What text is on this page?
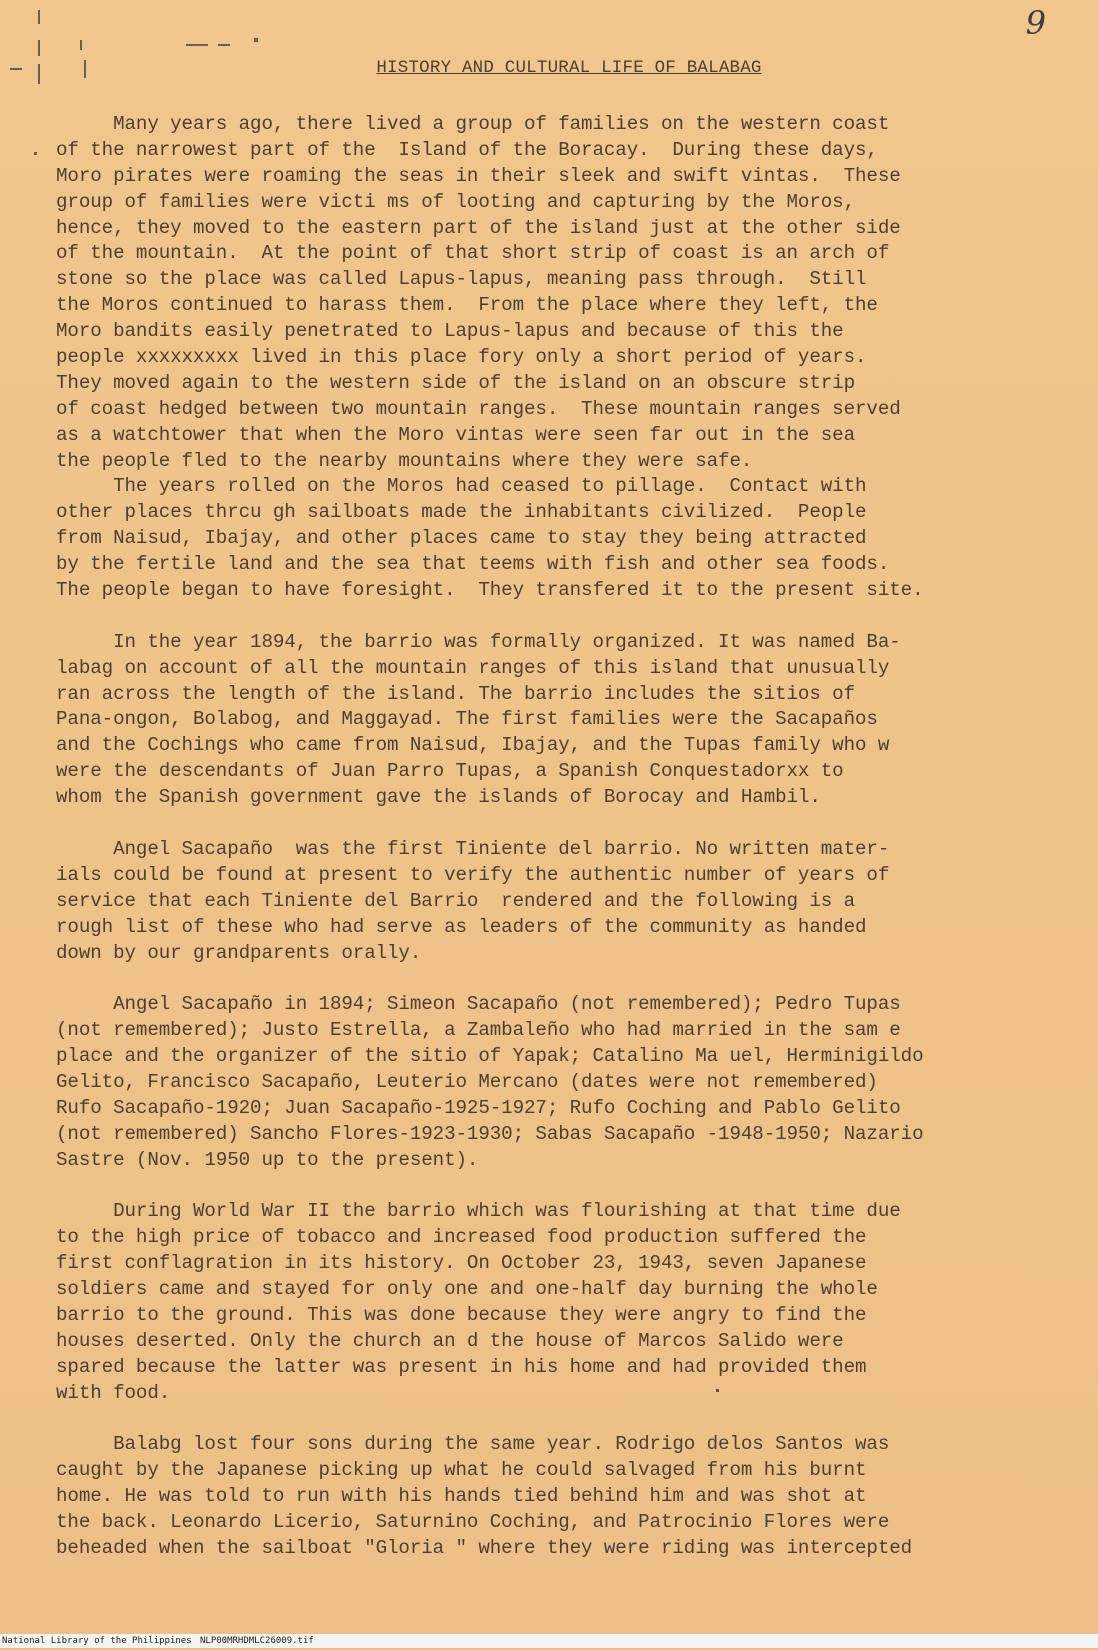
9
HISTORY AND CULTURAL LIFE OF BALABAG
Many years ago, there lived a group of families on the western coast
of the narrowest part of the  Island of the Boracay.  During these days,
Moro pirates were roaming the seas in their sleek and swift vintas.  These
group of families were victi ms of looting and capturing by the Moros,
hence, they moved to the eastern part of the island just at the other side
of the mountain.  At the point of that short strip of coast is an arch of
stone so the place was called Lapus-lapus, meaning pass through.  Still
the Moros continued to harass them.  From the place where they left, the
Moro bandits easily penetrated to Lapus-lapus and because of this the
people xxxxxxxxx lived in this place fory only a short period of years.
They moved again to the western side of the island on an obscure strip
of coast hedged between two mountain ranges.  These mountain ranges served
as a watchtower that when the Moro vintas were seen far out in the sea
the people fled to the nearby mountains where they were safe.
The years rolled on the Moros had ceased to pillage.  Contact with
other places thrcu gh sailboats made the inhabitants civilized.  People
from Naisud, Ibajay, and other places came to stay they being attracted
by the fertile land and the sea that teems with fish and other sea foods.
The people began to have foresight.  They transfered it to the present site.
In the year 1894, the barrio was formally organized. It was named Ba-
labag on account of all the mountain ranges of this island that unusually
ran across the length of the island. The barrio includes the sitios of
Pana-ongon, Bolabog, and Maggayad. The first families were the Sacapaños
and the Cochings who came from Naisud, Ibajay, and the Tupas family who w
were the descendants of Juan Parro Tupas, a Spanish Conquestadorxx to
whom the Spanish government gave the islands of Borocay and Hambil.
Angel Sacapaño  was the first Tiniente del barrio. No written mater-
ials could be found at present to verify the authentic number of years of
service that each Tiniente del Barrio  rendered and the following is a
rough list of these who had serve as leaders of the community as handed
down by our grandparents orally.
Angel Sacapaño in 1894; Simeon Sacapaño (not remembered); Pedro Tupas
(not remembered); Justo Estrella, a Zambaleño who had married in the sam e
place and the organizer of the sitio of Yapak; Catalino Ma uel, Herminigildo
Gelito, Francisco Sacapaño, Leuterio Mercano (dates were not remembered)
Rufo Sacapaño-1920; Juan Sacapaño-1925-1927; Rufo Coching and Pablo Gelito
(not remembered) Sancho Flores-1923-1930; Sabas Sacapaño -1948-1950; Nazario
Sastre (Nov. 1950 up to the present).
During World War II the barrio which was flourishing at that time due
to the high price of tobacco and increased food production suffered the
first conflagration in its history. On October 23, 1943, seven Japanese
soldiers came and stayed for only one and one-half day burning the whole
barrio to the ground. This was done because they were angry to find the
houses deserted. Only the church an d the house of Marcos Salido were
spared because the latter was present in his home and had provided them
with food.
Balabg lost four sons during the same year. Rodrigo delos Santos was
caught by the Japanese picking up what he could salvaged from his burnt
home. He was told to run with his hands tied behind him and was shot at
the back. Leonardo Licerio, Saturnino Coching, and Patrocinio Flores were
beheaded when the sailboat "Gloria " where they were riding was intercepted
National Library of the Philippines NLP00MRHDMLC26009.tif
